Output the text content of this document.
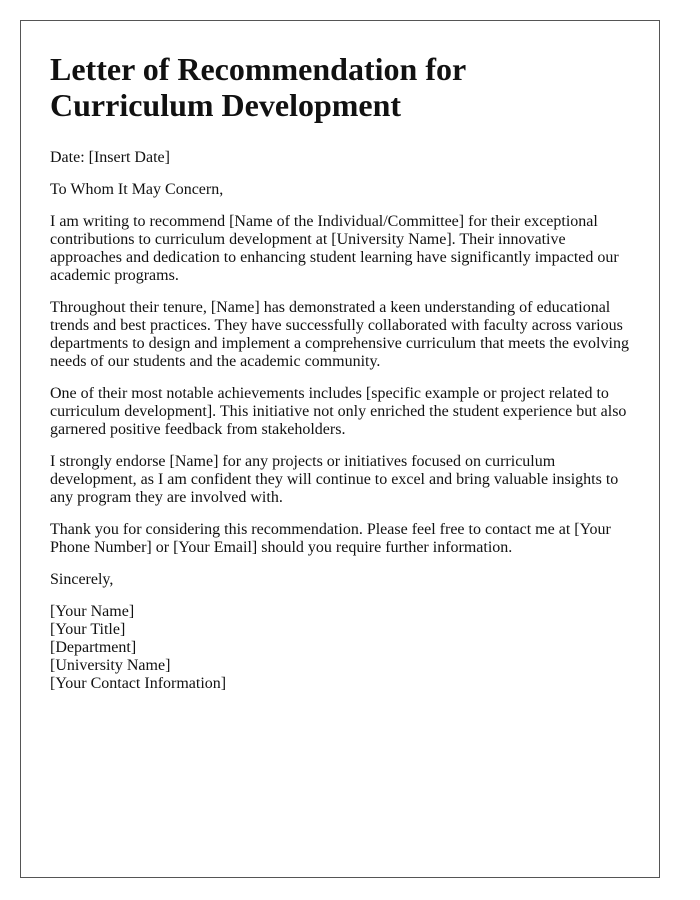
Letter of Recommendation for
Curriculum Development

Date: [Insert Date]

To Whom It May Concern,

I am writing to recommend [Name of the Individual/Committee] for their exceptional contributions to curriculum development at [University Name]. Their innovative approaches and dedication to enhancing student learning have significantly impacted our academic programs.

Throughout their tenure, [Name] has demonstrated a keen understanding of educational trends and best practices. They have successfully collaborated with faculty across various departments to design and implement a comprehensive curriculum that meets the evolving needs of our students and the academic community.

One of their most notable achievements includes [specific example or project related to curriculum development]. This initiative not only enriched the student experience but also garnered positive feedback from stakeholders.

I strongly endorse [Name] for any projects or initiatives focused on curriculum development, as I am confident they will continue to excel and bring valuable insights to any program they are involved with.

Thank you for considering this recommendation. Please feel free to contact me at [Your Phone Number] or [Your Email] should you require further information.

Sincerely,

[Your Name]
[Your Title]
[Department]
[University Name]
[Your Contact Information]
